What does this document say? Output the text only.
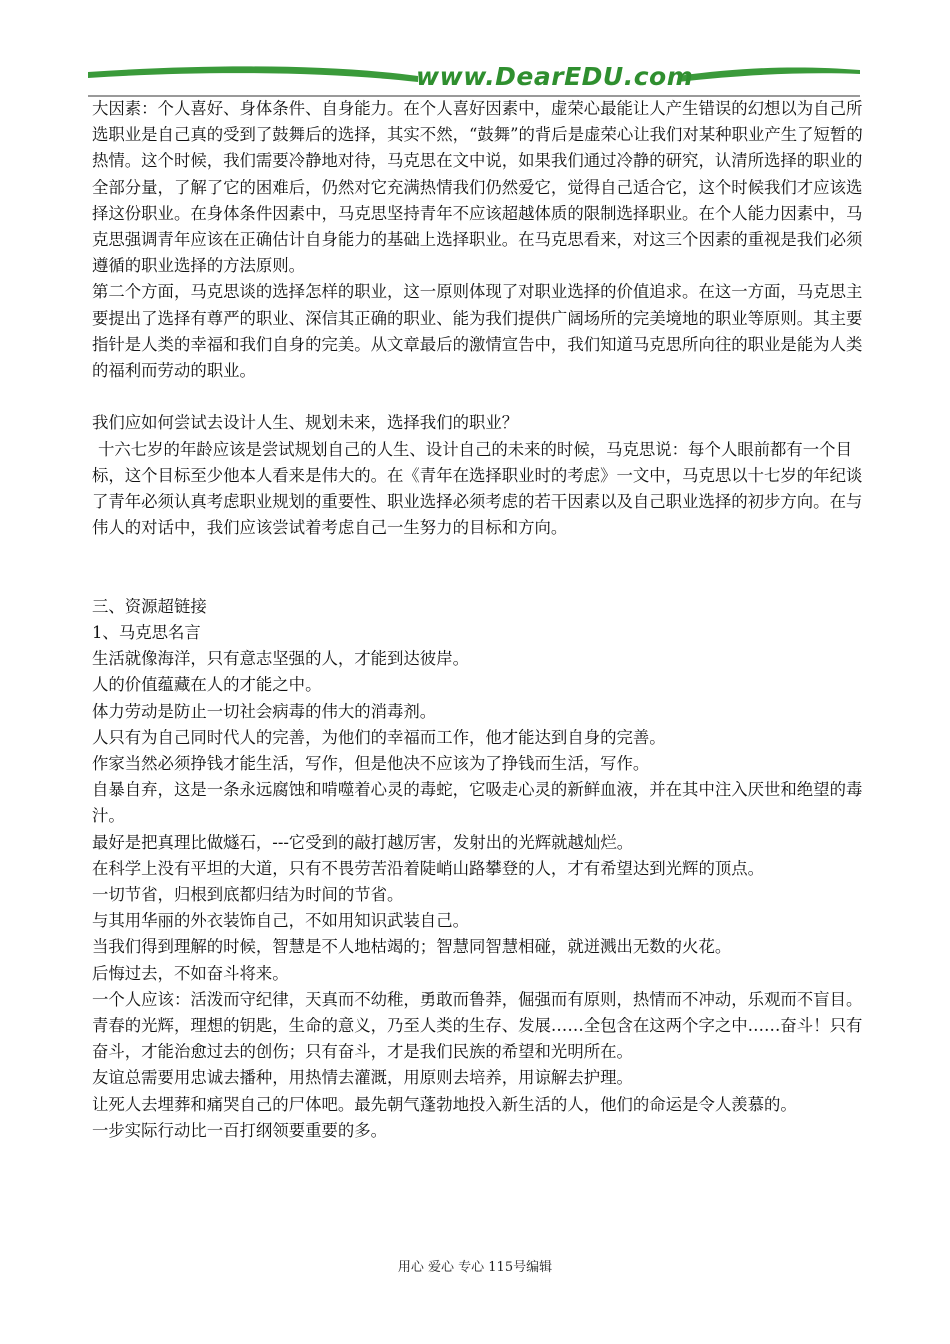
www.DearEDU.com

大因素：个人喜好、身体条件、自身能力。在个人喜好因素中，虚荣心最能让人产生错误的幻想以为自己所选职业是自己真的受到了鼓舞后的选择，其实不然，“鼓舞”的背后是虚荣心让我们对某种职业产生了短暂的热情。这个时候，我们需要冷静地对待，马克思在文中说，如果我们通过冷静的研究，认清所选择的职业的全部分量，了解了它的困难后，仍然对它充满热情我们仍然爱它，觉得自己适合它，这个时候我们才应该选择这份职业。在身体条件因素中，马克思坚持青年不应该超越体质的限制选择职业。在个人能力因素中，马克思强调青年应该在正确估计自身能力的基础上选择职业。在马克思看来，对这三个因素的重视是我们必须遵循的职业选择的方法原则。

第二个方面，马克思谈的选择怎样的职业，这一原则体现了对职业选择的价值追求。在这一方面，马克思主要提出了选择有尊严的职业、深信其正确的职业、能为我们提供广阔场所的完美境地的职业等原则。其主要指针是人类的幸福和我们自身的完美。从文章最后的激情宣告中，我们知道马克思所向往的职业是能为人类的福利而劳动的职业。

我们应如何尝试去设计人生、规划未来，选择我们的职业？

十六七岁的年龄应该是尝试规划自己的人生、设计自己的未来的时候，马克思说：每个人眼前都有一个目标，这个目标至少他本人看来是伟大的。在《青年在选择职业时的考虑》一文中，马克思以十七岁的年纪谈了青年必须认真考虑职业规划的重要性、职业选择必须考虑的若干因素以及自己职业选择的初步方向。在与伟人的对话中，我们应该尝试着考虑自己一生努力的目标和方向。

三、资源超链接

1、马克思名言

生活就像海洋，只有意志坚强的人，才能到达彼岸。

人的价值蕴藏在人的才能之中。

体力劳动是防止一切社会病毒的伟大的消毒剂。

人只有为自己同时代人的完善，为他们的幸福而工作，他才能达到自身的完善。

作家当然必须挣钱才能生活，写作，但是他决不应该为了挣钱而生活，写作。

自暴自弃，这是一条永远腐蚀和啃噬着心灵的毒蛇，它吸走心灵的新鲜血液，并在其中注入厌世和绝望的毒汁。

最好是把真理比做燧石，---它受到的敲打越厉害，发射出的光辉就越灿烂。

在科学上没有平坦的大道，只有不畏劳苦沿着陡峭山路攀登的人，才有希望达到光辉的顶点。

一切节省，归根到底都归结为时间的节省。

与其用华丽的外衣装饰自己，不如用知识武装自己。

当我们得到理解的时候，智慧是不人地枯竭的；智慧同智慧相碰，就迸溅出无数的火花。

后悔过去，不如奋斗将来。

一个人应该：活泼而守纪律，天真而不幼稚，勇敢而鲁莽，倔强而有原则，热情而不冲动，乐观而不盲目。

青春的光辉，理想的钥匙，生命的意义，乃至人类的生存、发展……全包含在这两个字之中……奋斗！只有奋斗，才能治愈过去的创伤；只有奋斗，才是我们民族的希望和光明所在。

友谊总需要用忠诚去播种，用热情去灌溉，用原则去培养，用谅解去护理。

让死人去埋葬和痛哭自己的尸体吧。最先朝气蓬勃地投入新生活的人，他们的命运是令人羡慕的。

一步实际行动比一百打纲领要重要的多。

用心 爱心 专心 115号编辑
